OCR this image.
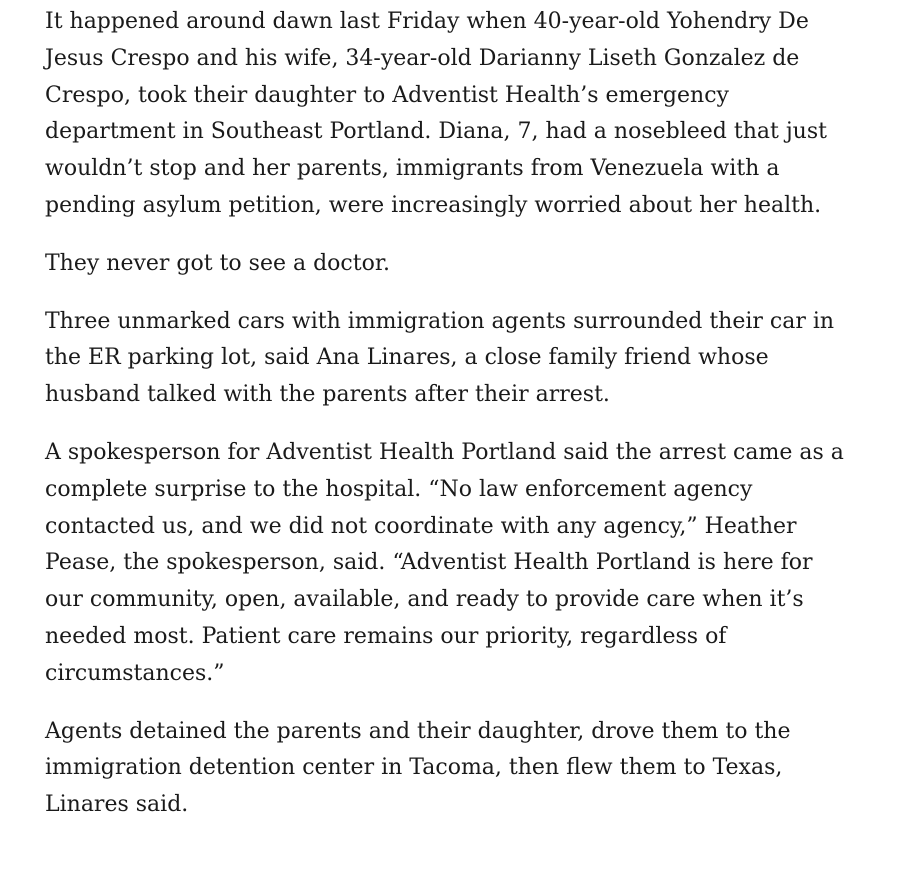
It happened around dawn last Friday when 40-year-old Yohendry De Jesus Crespo and his wife, 34-year-old Darianny Liseth Gonzalez de Crespo, took their daughter to Adventist Health’s emergency department in Southeast Portland. Diana, 7, had a nosebleed that just wouldn’t stop and her parents, immigrants from Venezuela with a pending asylum petition, were increasingly worried about her health.

They never got to see a doctor.

Three unmarked cars with immigration agents surrounded their car in the ER parking lot, said Ana Linares, a close family friend whose husband talked with the parents after their arrest.

A spokesperson for Adventist Health Portland said the arrest came as a complete surprise to the hospital. “No law enforcement agency contacted us, and we did not coordinate with any agency,” Heather Pease, the spokesperson, said. “Adventist Health Portland is here for our community, open, available, and ready to provide care when it’s needed most. Patient care remains our priority, regardless of circumstances.”

Agents detained the parents and their daughter, drove them to the immigration detention center in Tacoma, then flew them to Texas, Linares said.
